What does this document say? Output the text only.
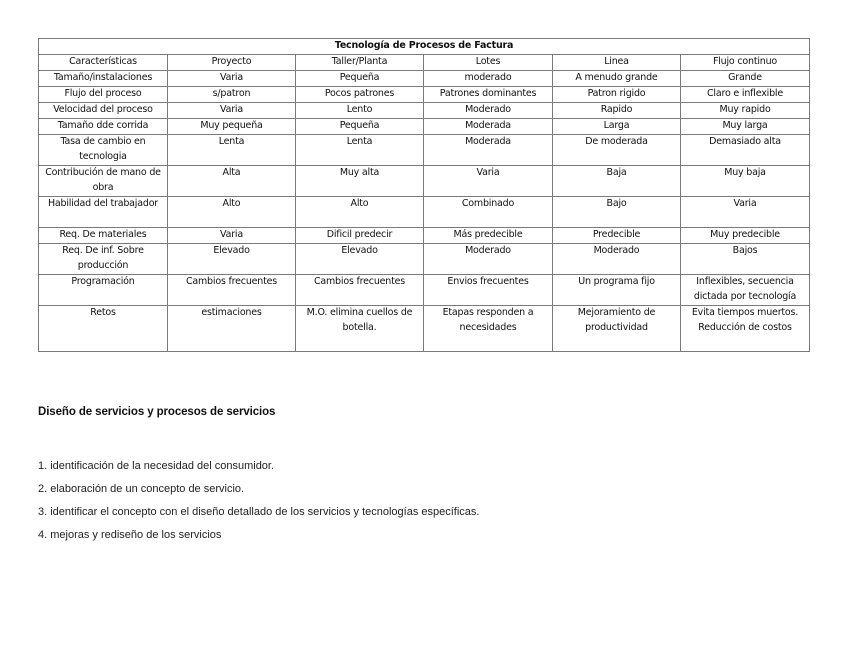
Tecnología de Procesos de Factura					
Características	Proyecto	Taller/Planta	Lotes	Linea	Flujo continuo
Tamaño/instalaciones	Varia	Pequeña	moderado	A menudo grande	Grande
Flujo del proceso	s/patron	Pocos patrones	Patrones dominantes	Patron rigido	Claro e inflexible
Velocidad del proceso	Varia	Lento	Moderado	Rapido	Muy rapido
Tamaño dde corrida	Muy pequeña	Pequeña	Moderada	Larga	Muy larga
Tasa de cambio en tecnologia	Lenta	Lenta	Moderada	De moderada	Demasiado alta
Contribución de mano de obra	Alta	Muy alta	Varia	Baja	Muy baja
Habilidad del trabajador	Alto	Alto	Combinado	Bajo	Varia
Req. De materiales	Varia	Dificil predecir	Más predecible	Predecible	Muy predecible
Req. De inf. Sobre producción	Elevado	Elevado	Moderado	Moderado	Bajos
Programación	Cambios frecuentes	Cambios frecuentes	Envios frecuentes	Un programa fijo	Inflexibles, secuencia dictada por tecnología
Retos	estimaciones	M.O. elimina cuellos de botella.	Etapas responden a necesidades	Mejoramiento de productividad	Evita tiempos muertos. Reducción de costos
Diseño de servicios y procesos de servicios
1. identificación de la necesidad del consumidor.
2. elaboración de un concepto de servicio.
3. identificar el concepto con el diseño detallado de los servicios y tecnologías específicas.
4. mejoras y rediseño de los servicios
